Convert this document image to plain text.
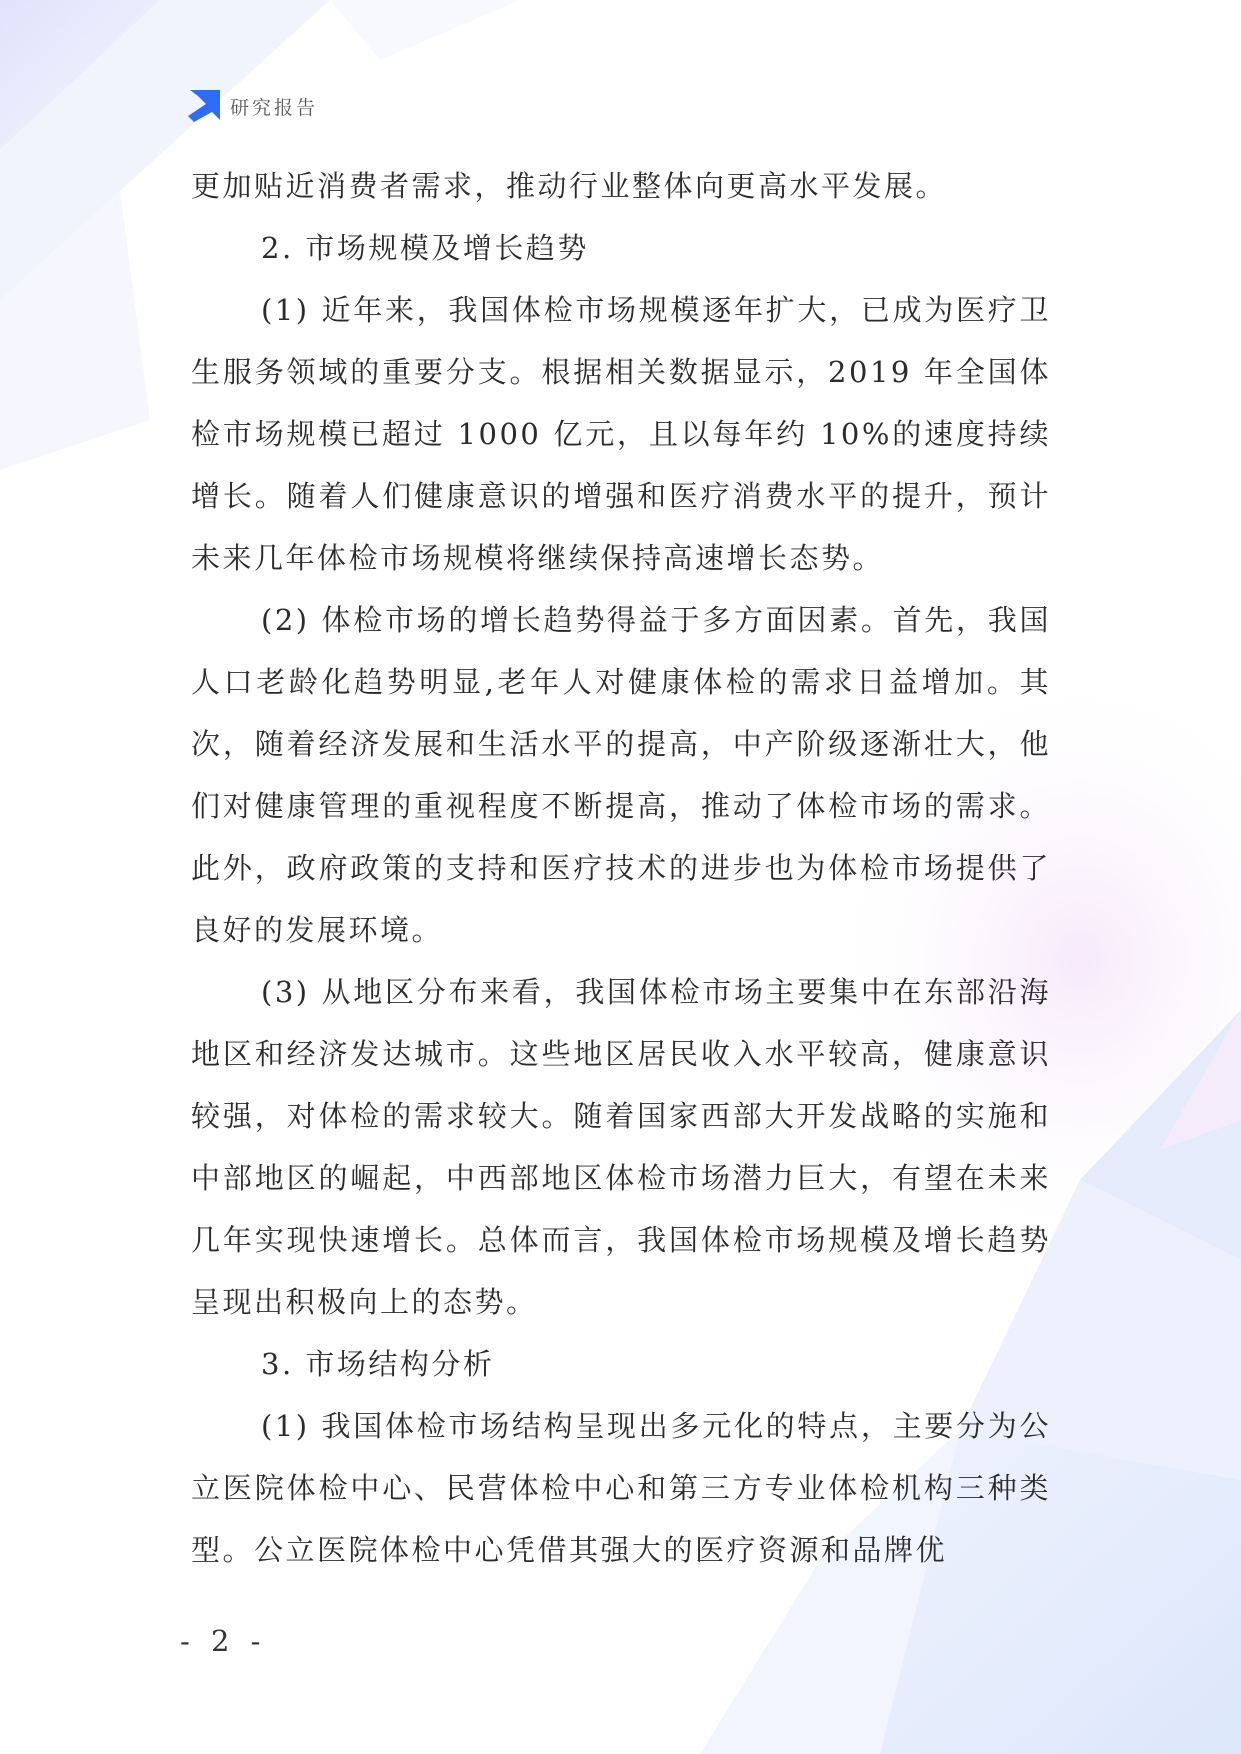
研究报告

更加贴近消费者需求，推动行业整体向更高水平发展。

2. 市场规模及增长趋势

(1) 近年来，我国体检市场规模逐年扩大，已成为医疗卫生服务领域的重要分支。根据相关数据显示，2019 年全国体检市场规模已超过 1000 亿元，且以每年约 10%的速度持续增长。随着人们健康意识的增强和医疗消费水平的提升，预计未来几年体检市场规模将继续保持高速增长态势。

(2) 体检市场的增长趋势得益于多方面因素。首先，我国人口老龄化趋势明显,老年人对健康体检的需求日益增加。其次，随着经济发展和生活水平的提高，中产阶级逐渐壮大，他们对健康管理的重视程度不断提高，推动了体检市场的需求。此外，政府政策的支持和医疗技术的进步也为体检市场提供了良好的发展环境。

(3) 从地区分布来看，我国体检市场主要集中在东部沿海地区和经济发达城市。这些地区居民收入水平较高，健康意识较强，对体检的需求较大。随着国家西部大开发战略的实施和中部地区的崛起，中西部地区体检市场潜力巨大，有望在未来几年实现快速增长。总体而言，我国体检市场规模及增长趋势呈现出积极向上的态势。

3. 市场结构分析

(1) 我国体检市场结构呈现出多元化的特点，主要分为公立医院体检中心、民营体检中心和第三方专业体检机构三种类型。公立医院体检中心凭借其强大的医疗资源和品牌优

- 2 -
